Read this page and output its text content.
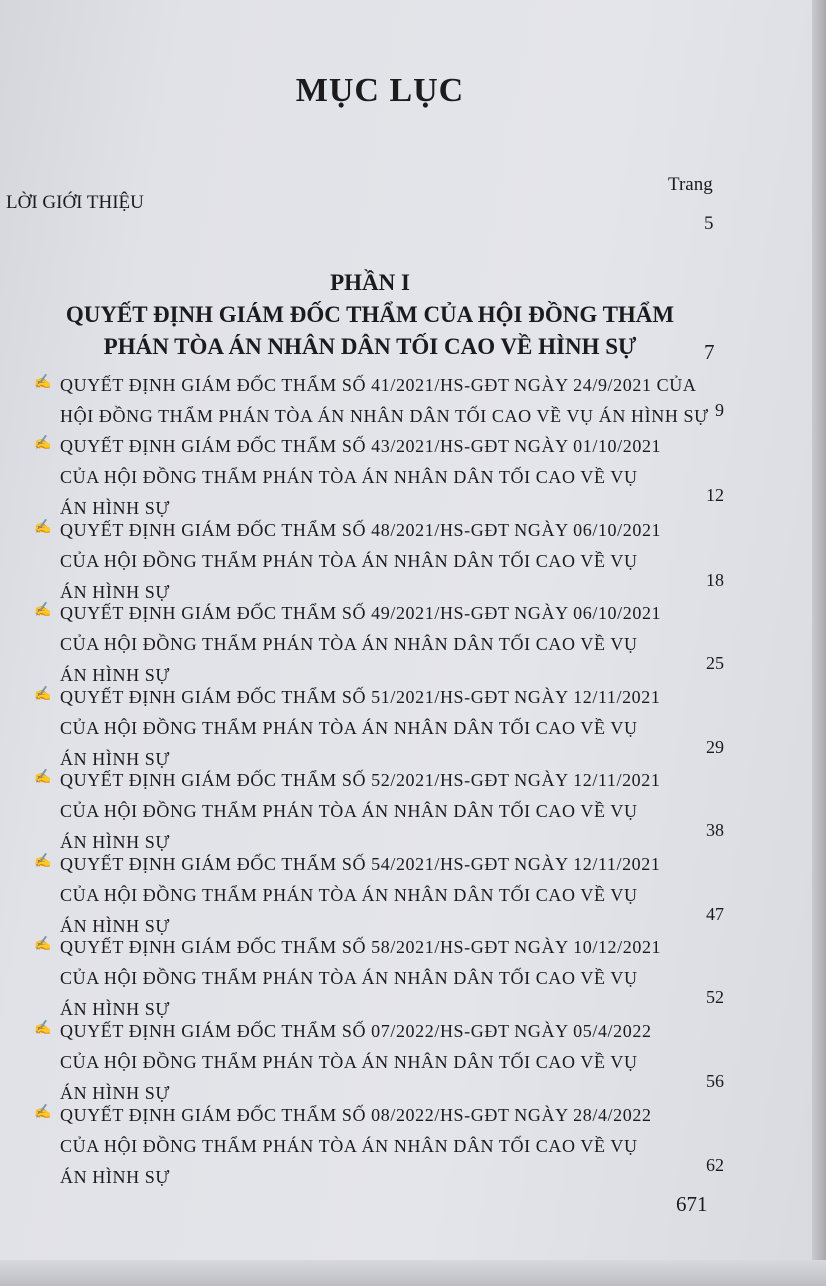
MỤC LỤC
Trang
LỜI GIỚI THIỆU
5
PHẦN I
QUYẾT ĐỊNH GIÁM ĐỐC THẨM CỦA HỘI ĐỒNG THẨM
PHÁN TÒA ÁN NHÂN DÂN TỐI CAO VỀ HÌNH SỰ	7
✍ QUYẾT ĐỊNH GIÁM ĐỐC THẨM SỐ 41/2021/HS-GĐT NGÀY 24/9/2021 CỦA
HỘI ĐỒNG THẨM PHÁN TÒA ÁN NHÂN DÂN TỐI CAO VỀ VỤ ÁN HÌNH SỰ 9
✍ QUYẾT ĐỊNH GIÁM ĐỐC THẨM SỐ 43/2021/HS-GĐT NGÀY 01/10/2021
CỦA HỘI ĐỒNG THẨM PHÁN TÒA ÁN NHÂN DÂN TỐI CAO VỀ VỤ
ÁN HÌNH SỰ
12
✍ QUYẾT ĐỊNH GIÁM ĐỐC THẨM SỐ 48/2021/HS-GĐT NGÀY 06/10/2021
CỦA HỘI ĐỒNG THẨM PHÁN TÒA ÁN NHÂN DÂN TỐI CAO VỀ VỤ
ÁN HÌNH SỰ
18
✍ QUYẾT ĐỊNH GIÁM ĐỐC THẨM SỐ 49/2021/HS-GĐT NGÀY 06/10/2021
CỦA HỘI ĐỒNG THẨM PHÁN TÒA ÁN NHÂN DÂN TỐI CAO VỀ VỤ
ÁN HÌNH SỰ
25
✍ QUYẾT ĐỊNH GIÁM ĐỐC THẨM SỐ 51/2021/HS-GĐT NGÀY 12/11/2021
CỦA HỘI ĐỒNG THẨM PHÁN TÒA ÁN NHÂN DÂN TỐI CAO VỀ VỤ
ÁN HÌNH SỰ
29
✍ QUYẾT ĐỊNH GIÁM ĐỐC THẨM SỐ 52/2021/HS-GĐT NGÀY 12/11/2021
CỦA HỘI ĐỒNG THẨM PHÁN TÒA ÁN NHÂN DÂN TỐI CAO VỀ VỤ
ÁN HÌNH SỰ
38
✍ QUYẾT ĐỊNH GIÁM ĐỐC THẨM SỐ 54/2021/HS-GĐT NGÀY 12/11/2021
CỦA HỘI ĐỒNG THẨM PHÁN TÒA ÁN NHÂN DÂN TỐI CAO VỀ VỤ
ÁN HÌNH SỰ
47
✍ QUYẾT ĐỊNH GIÁM ĐỐC THẨM SỐ 58/2021/HS-GĐT NGÀY 10/12/2021
CỦA HỘI ĐỒNG THẨM PHÁN TÒA ÁN NHÂN DÂN TỐI CAO VỀ VỤ
ÁN HÌNH SỰ
52
✍ QUYẾT ĐỊNH GIÁM ĐỐC THẨM SỐ 07/2022/HS-GĐT NGÀY 05/4/2022
CỦA HỘI ĐỒNG THẨM PHÁN TÒA ÁN NHÂN DÂN TỐI CAO VỀ VỤ
ÁN HÌNH SỰ
56
✍ QUYẾT ĐỊNH GIÁM ĐỐC THẨM SỐ 08/2022/HS-GĐT NGÀY 28/4/2022
CỦA HỘI ĐỒNG THẨM PHÁN TÒA ÁN NHÂN DÂN TỐI CAO VỀ VỤ
ÁN HÌNH SỰ
62
671
